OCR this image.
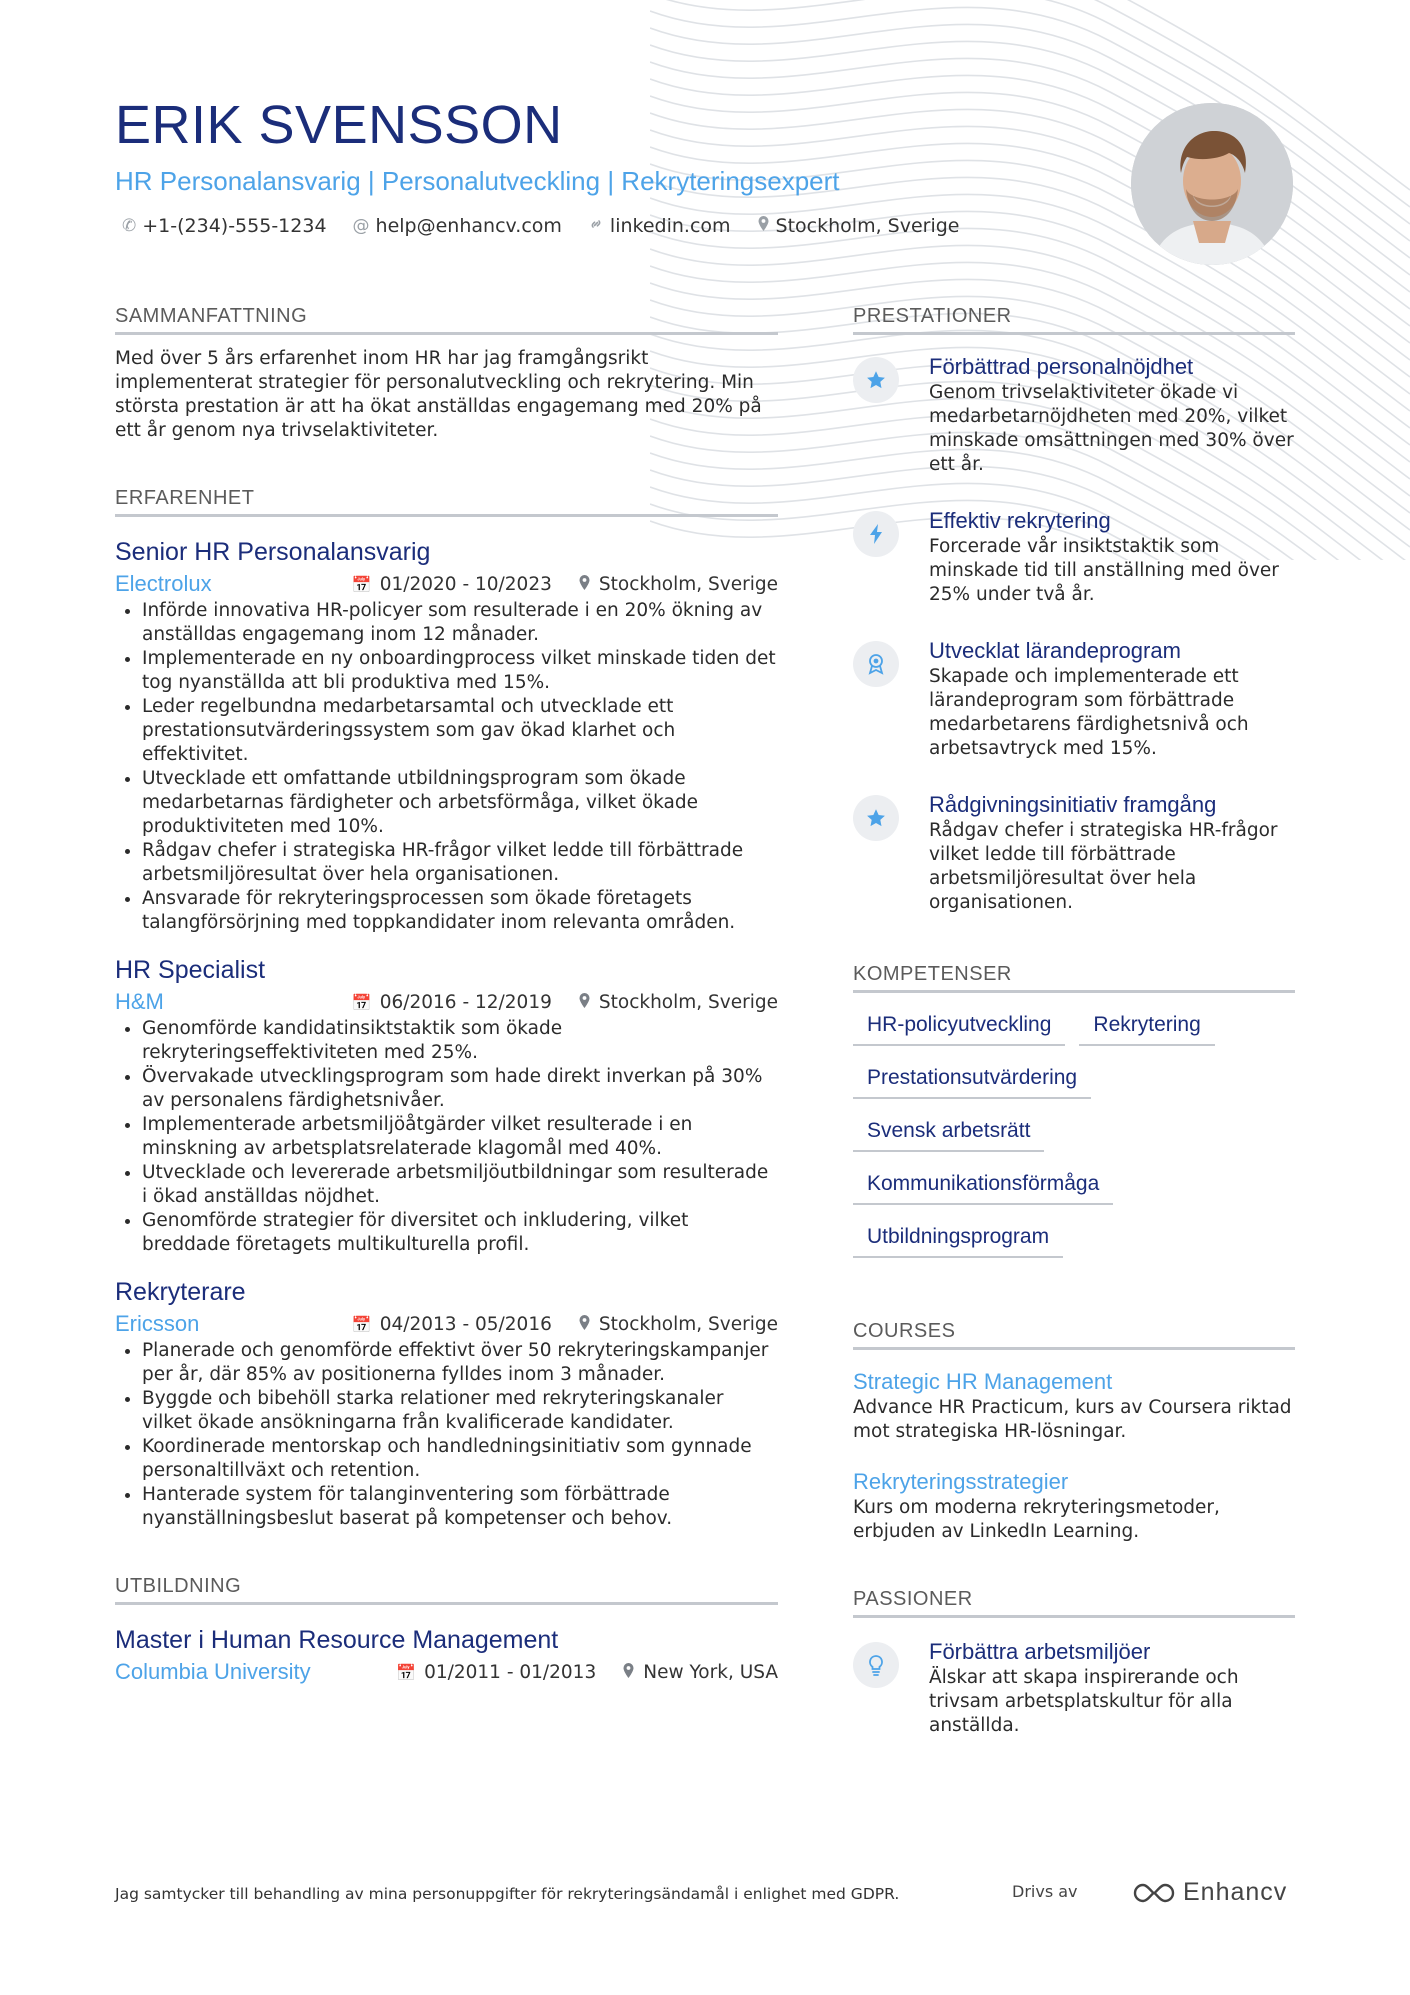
ERIK SVENSSON
HR Personalansvarig | Personalutveckling | Rekryteringsexpert
✆ +1-(234)-555-1234 @ help@enhancv.com	linkedin.com Stockholm, Sverige
SAMMANFATTNING

Med över 5 års erfarenhet inom HR har jag framgångsrikt implementerat strategier för personalutveckling och rekrytering. Min största prestation är att ha ökat anställdas engagemang med 20% på ett år genom nya trivselaktiviteter.

ERFARENHET
Senior HR Personalansvarig
Electrolux	📅 01/2020 - 10/2023	Stockholm, Sverige
• Införde innovativa HR-policyer som resulterade i en 20% ökning av anställdas engagemang inom 12 månader.
• Implementerade en ny onboardingprocess vilket minskade tiden det tog nyanställda att bli produktiva med 15%.
• Leder regelbundna medarbetarsamtal och utvecklade ett prestationsutvärderingssystem som gav ökad klarhet och effektivitet.
• Utvecklade ett omfattande utbildningsprogram som ökade medarbetarnas färdigheter och arbetsförmåga, vilket ökade produktiviteten med 10%.
• Rådgav chefer i strategiska HR-frågor vilket ledde till förbättrade arbetsmiljöresultat över hela organisationen.
• Ansvarade för rekryteringsprocessen som ökade företagets talangförsörjning med toppkandidater inom relevanta områden.
HR Specialist
H&M	📅 06/2016 - 12/2019	Stockholm, Sverige
• Genomförde kandidatinsiktstaktik som ökade rekryteringseffektiviteten med 25%.
• Övervakade utvecklingsprogram som hade direkt inverkan på 30% av personalens färdighetsnivåer.
• Implementerade arbetsmiljöåtgärder vilket resulterade i en minskning av arbetsplatsrelaterade klagomål med 40%.
• Utvecklade och levererade arbetsmiljöutbildningar som resulterade i ökad anställdas nöjdhet.
• Genomförde strategier för diversitet och inkludering, vilket breddade företagets multikulturella profil.
Rekryterare
Ericsson	📅 04/2013 - 05/2016	Stockholm, Sverige
• Planerade och genomförde effektivt över 50 rekryteringskampanjer per år, där 85% av positionerna fylldes inom 3 månader.
• Byggde och bibehöll starka relationer med rekryteringskanaler vilket ökade ansökningarna från kvalificerade kandidater.
• Koordinerade mentorskap och handledningsinitiativ som gynnade personaltillväxt och retention.
• Hanterade system för talanginventering som förbättrade nyanställningsbeslut baserat på kompetenser och behov.
UTBILDNING
Master i Human Resource Management
Columbia University	📅 01/2011 - 01/2013	New York, USA
PRESTATIONER
Förbättrad personalnöjdhet
Genom trivselaktiviteter ökade vi medarbetarnöjdheten med 20%, vilket minskade omsättningen med 30% över ett år.
Effektiv rekrytering
Forcerade vår insiktstaktik som minskade tid till anställning med över 25% under två år.
Utvecklat lärandeprogram
Skapade och implementerade ett lärandeprogram som förbättrade medarbetarens färdighetsnivå och arbetsavtryck med 15%.
Rådgivningsinitiativ framgång
Rådgav chefer i strategiska HR-frågor vilket ledde till förbättrade arbetsmiljöresultat över hela organisationen.
KOMPETENSER
HR-policyutveckling	Rekrytering
Prestationsutvärdering
Svensk arbetsrätt
Kommunikationsförmåga
Utbildningsprogram
COURSES
Strategic HR Management
Advance HR Practicum, kurs av Coursera riktad mot strategiska HR-lösningar.
Rekryteringsstrategier
Kurs om moderna rekryteringsmetoder, erbjuden av LinkedIn Learning.
PASSIONER
Förbättra arbetsmiljöer
Älskar att skapa inspirerande och trivsam arbetsplatskultur för alla anställda.
Jag samtycker till behandling av mina personuppgifter för rekryteringsändamål i enlighet med GDPR.	Drivs av	Enhancv
